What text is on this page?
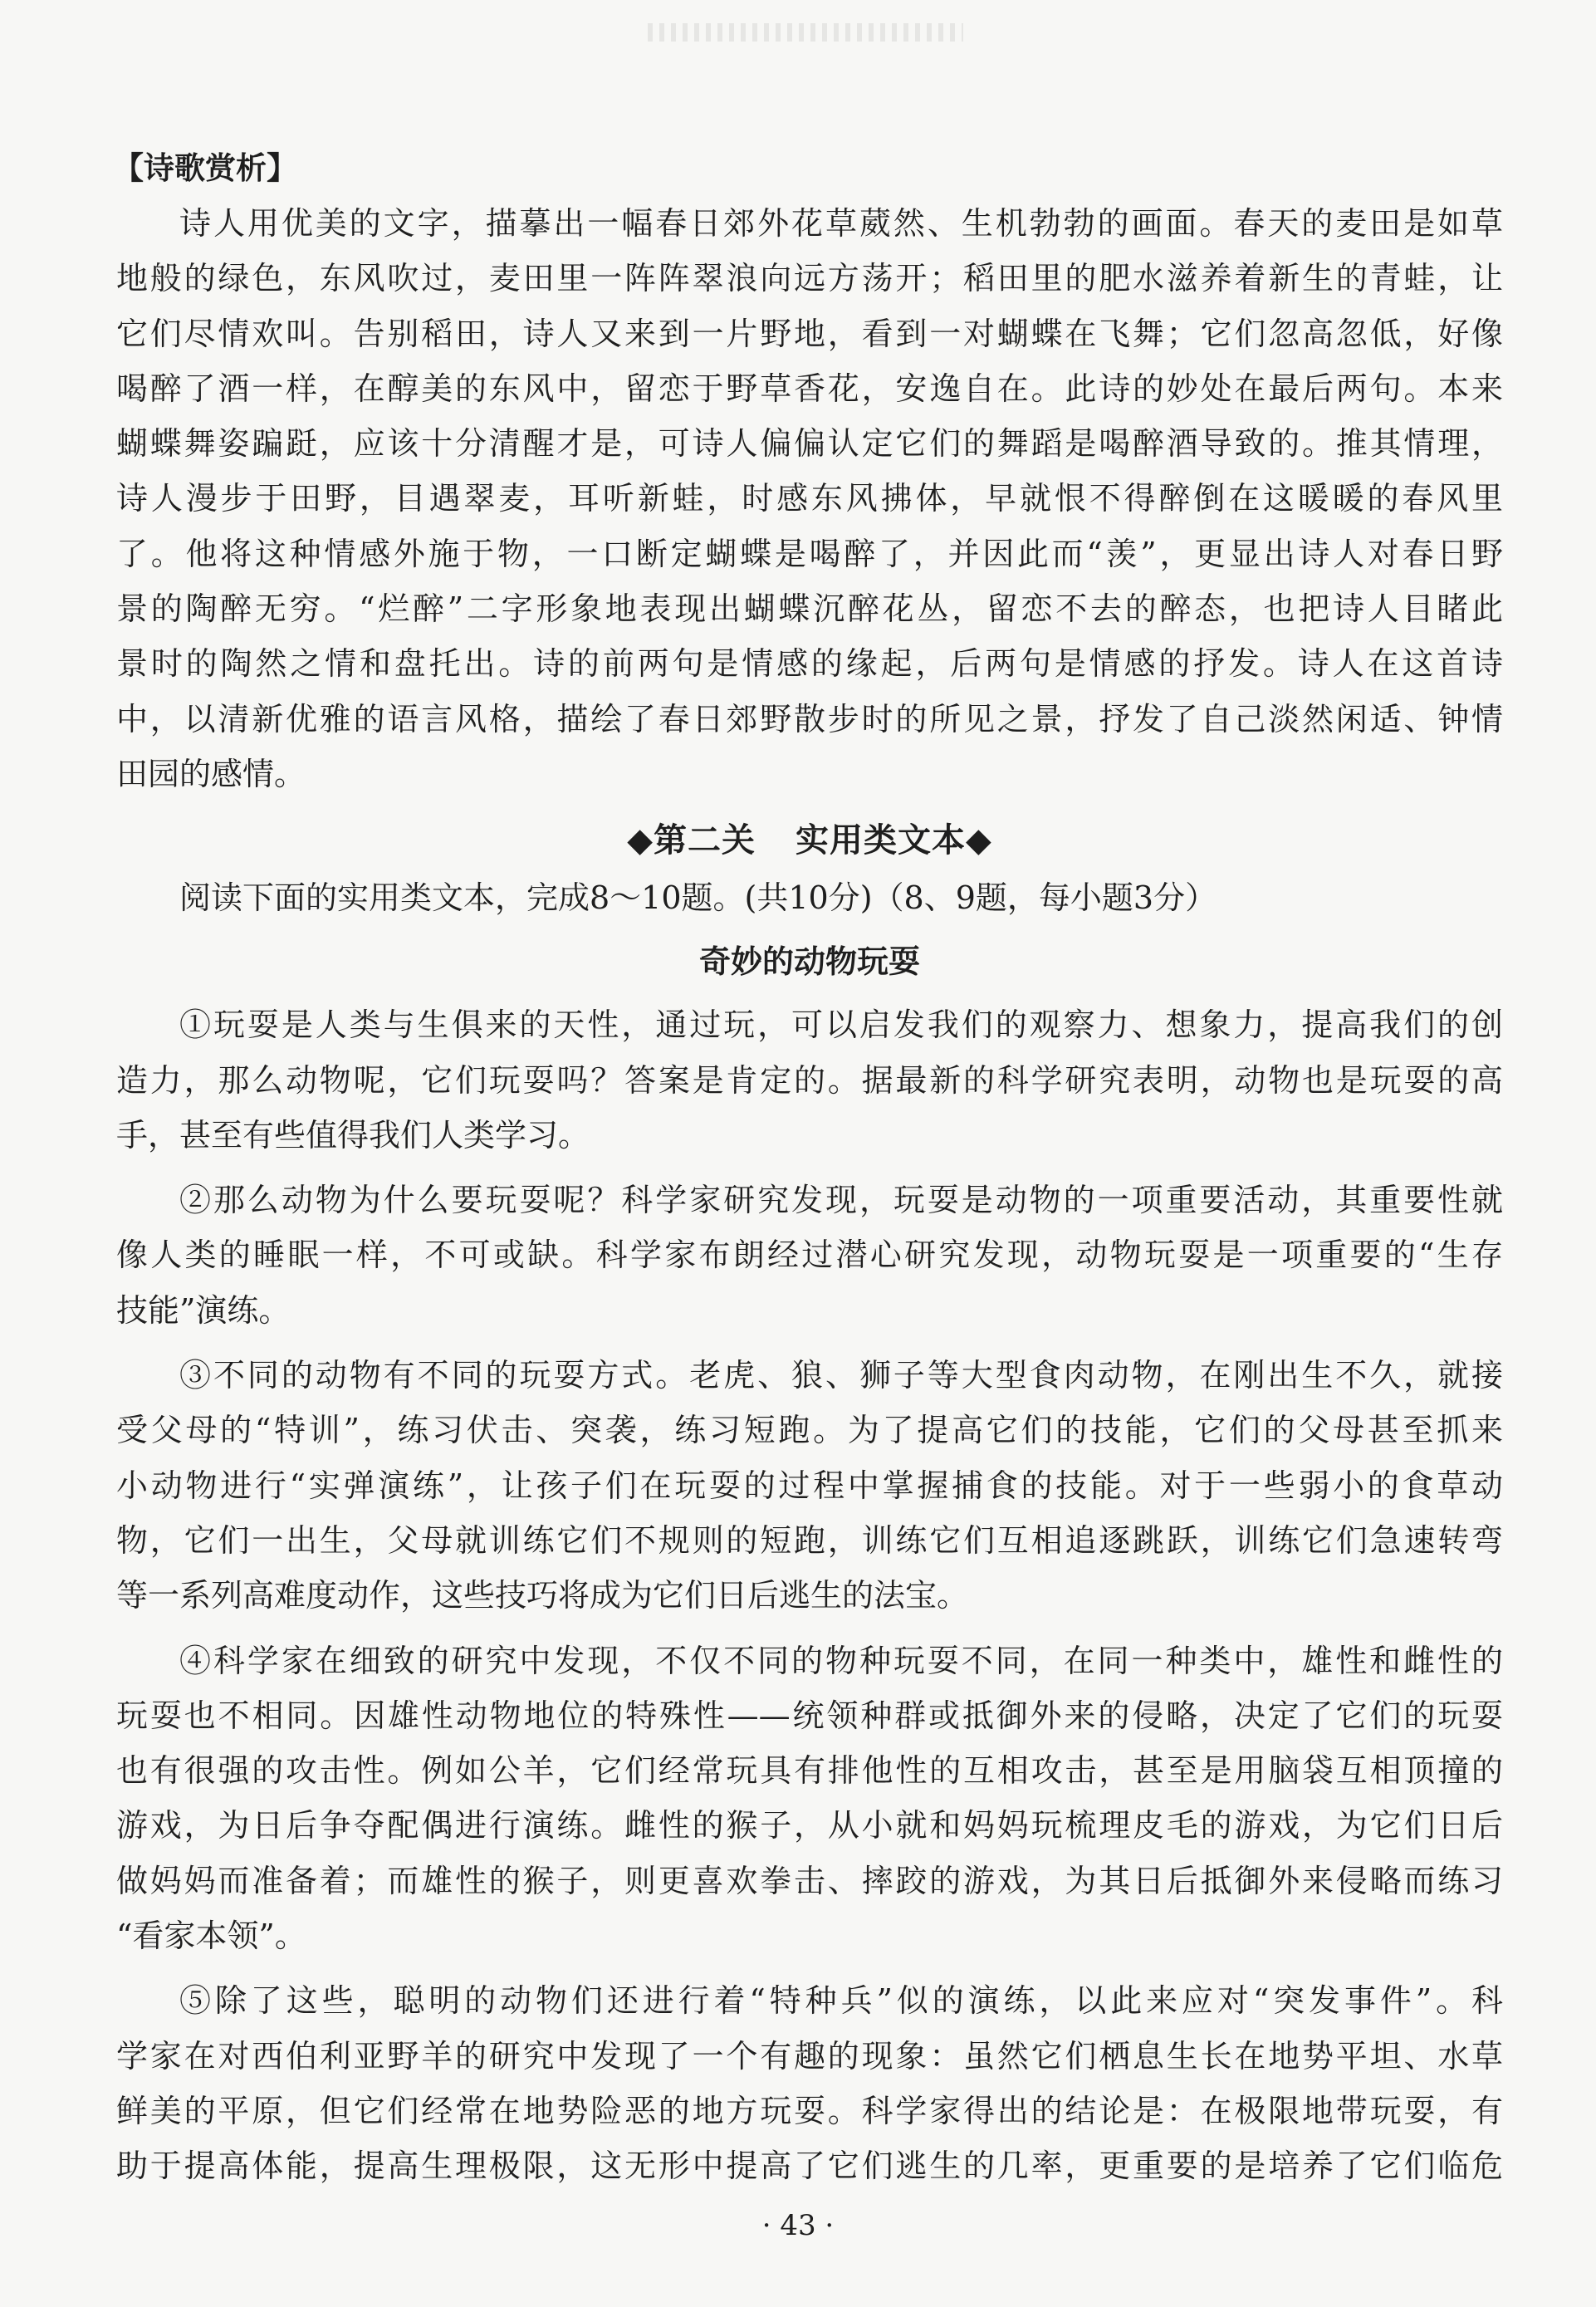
【诗歌赏析】
诗人用优美的文字，描摹出一幅春日郊外花草葳然、生机勃勃的画面。春天的麦田是如草
地般的绿色，东风吹过，麦田里一阵阵翠浪向远方荡开；稻田里的肥水滋养着新生的青蛙，让
它们尽情欢叫。告别稻田，诗人又来到一片野地，看到一对蝴蝶在飞舞；它们忽高忽低，好像
喝醉了酒一样，在醇美的东风中，留恋于野草香花，安逸自在。此诗的妙处在最后两句。本来
蝴蝶舞姿蹁跹，应该十分清醒才是，可诗人偏偏认定它们的舞蹈是喝醉酒导致的。推其情理，
诗人漫步于田野，目遇翠麦，耳听新蛙，时感东风拂体，早就恨不得醉倒在这暖暖的春风里
了。他将这种情感外施于物，一口断定蝴蝶是喝醉了，并因此而“羡”，更显出诗人对春日野
景的陶醉无穷。“烂醉”二字形象地表现出蝴蝶沉醉花丛，留恋不去的醉态，也把诗人目睹此
景时的陶然之情和盘托出。诗的前两句是情感的缘起，后两句是情感的抒发。诗人在这首诗
中，以清新优雅的语言风格，描绘了春日郊野散步时的所见之景，抒发了自己淡然闲适、钟情
田园的感情。
◆第二关 实用类文本◆

阅读下面的实用类文本，完成8～10题。(共10分)（8、9题，每小题3分）

奇妙的动物玩耍
①玩耍是人类与生俱来的天性，通过玩，可以启发我们的观察力、想象力，提高我们的创
造力，那么动物呢，它们玩耍吗？答案是肯定的。据最新的科学研究表明，动物也是玩耍的高
手，甚至有些值得我们人类学习。
②那么动物为什么要玩耍呢？科学家研究发现，玩耍是动物的一项重要活动，其重要性就
像人类的睡眠一样，不可或缺。科学家布朗经过潜心研究发现，动物玩耍是一项重要的“生存
技能”演练。
③不同的动物有不同的玩耍方式。老虎、狼、狮子等大型食肉动物，在刚出生不久，就接
受父母的“特训”，练习伏击、突袭，练习短跑。为了提高它们的技能，它们的父母甚至抓来
小动物进行“实弹演练”，让孩子们在玩耍的过程中掌握捕食的技能。对于一些弱小的食草动
物，它们一出生，父母就训练它们不规则的短跑，训练它们互相追逐跳跃，训练它们急速转弯
等一系列高难度动作，这些技巧将成为它们日后逃生的法宝。
④科学家在细致的研究中发现，不仅不同的物种玩耍不同，在同一种类中，雄性和雌性的
玩耍也不相同。因雄性动物地位的特殊性——统领种群或抵御外来的侵略，决定了它们的玩耍
也有很强的攻击性。例如公羊，它们经常玩具有排他性的互相攻击，甚至是用脑袋互相顶撞的
游戏，为日后争夺配偶进行演练。雌性的猴子，从小就和妈妈玩梳理皮毛的游戏，为它们日后
做妈妈而准备着；而雄性的猴子，则更喜欢拳击、摔跤的游戏，为其日后抵御外来侵略而练习
“看家本领”。
⑤除了这些，聪明的动物们还进行着“特种兵”似的演练，以此来应对“突发事件”。科
学家在对西伯利亚野羊的研究中发现了一个有趣的现象：虽然它们栖息生长在地势平坦、水草
鲜美的平原，但它们经常在地势险恶的地方玩耍。科学家得出的结论是：在极限地带玩耍，有
助于提高体能，提高生理极限，这无形中提高了它们逃生的几率，更重要的是培养了它们临危
· 43 ·
